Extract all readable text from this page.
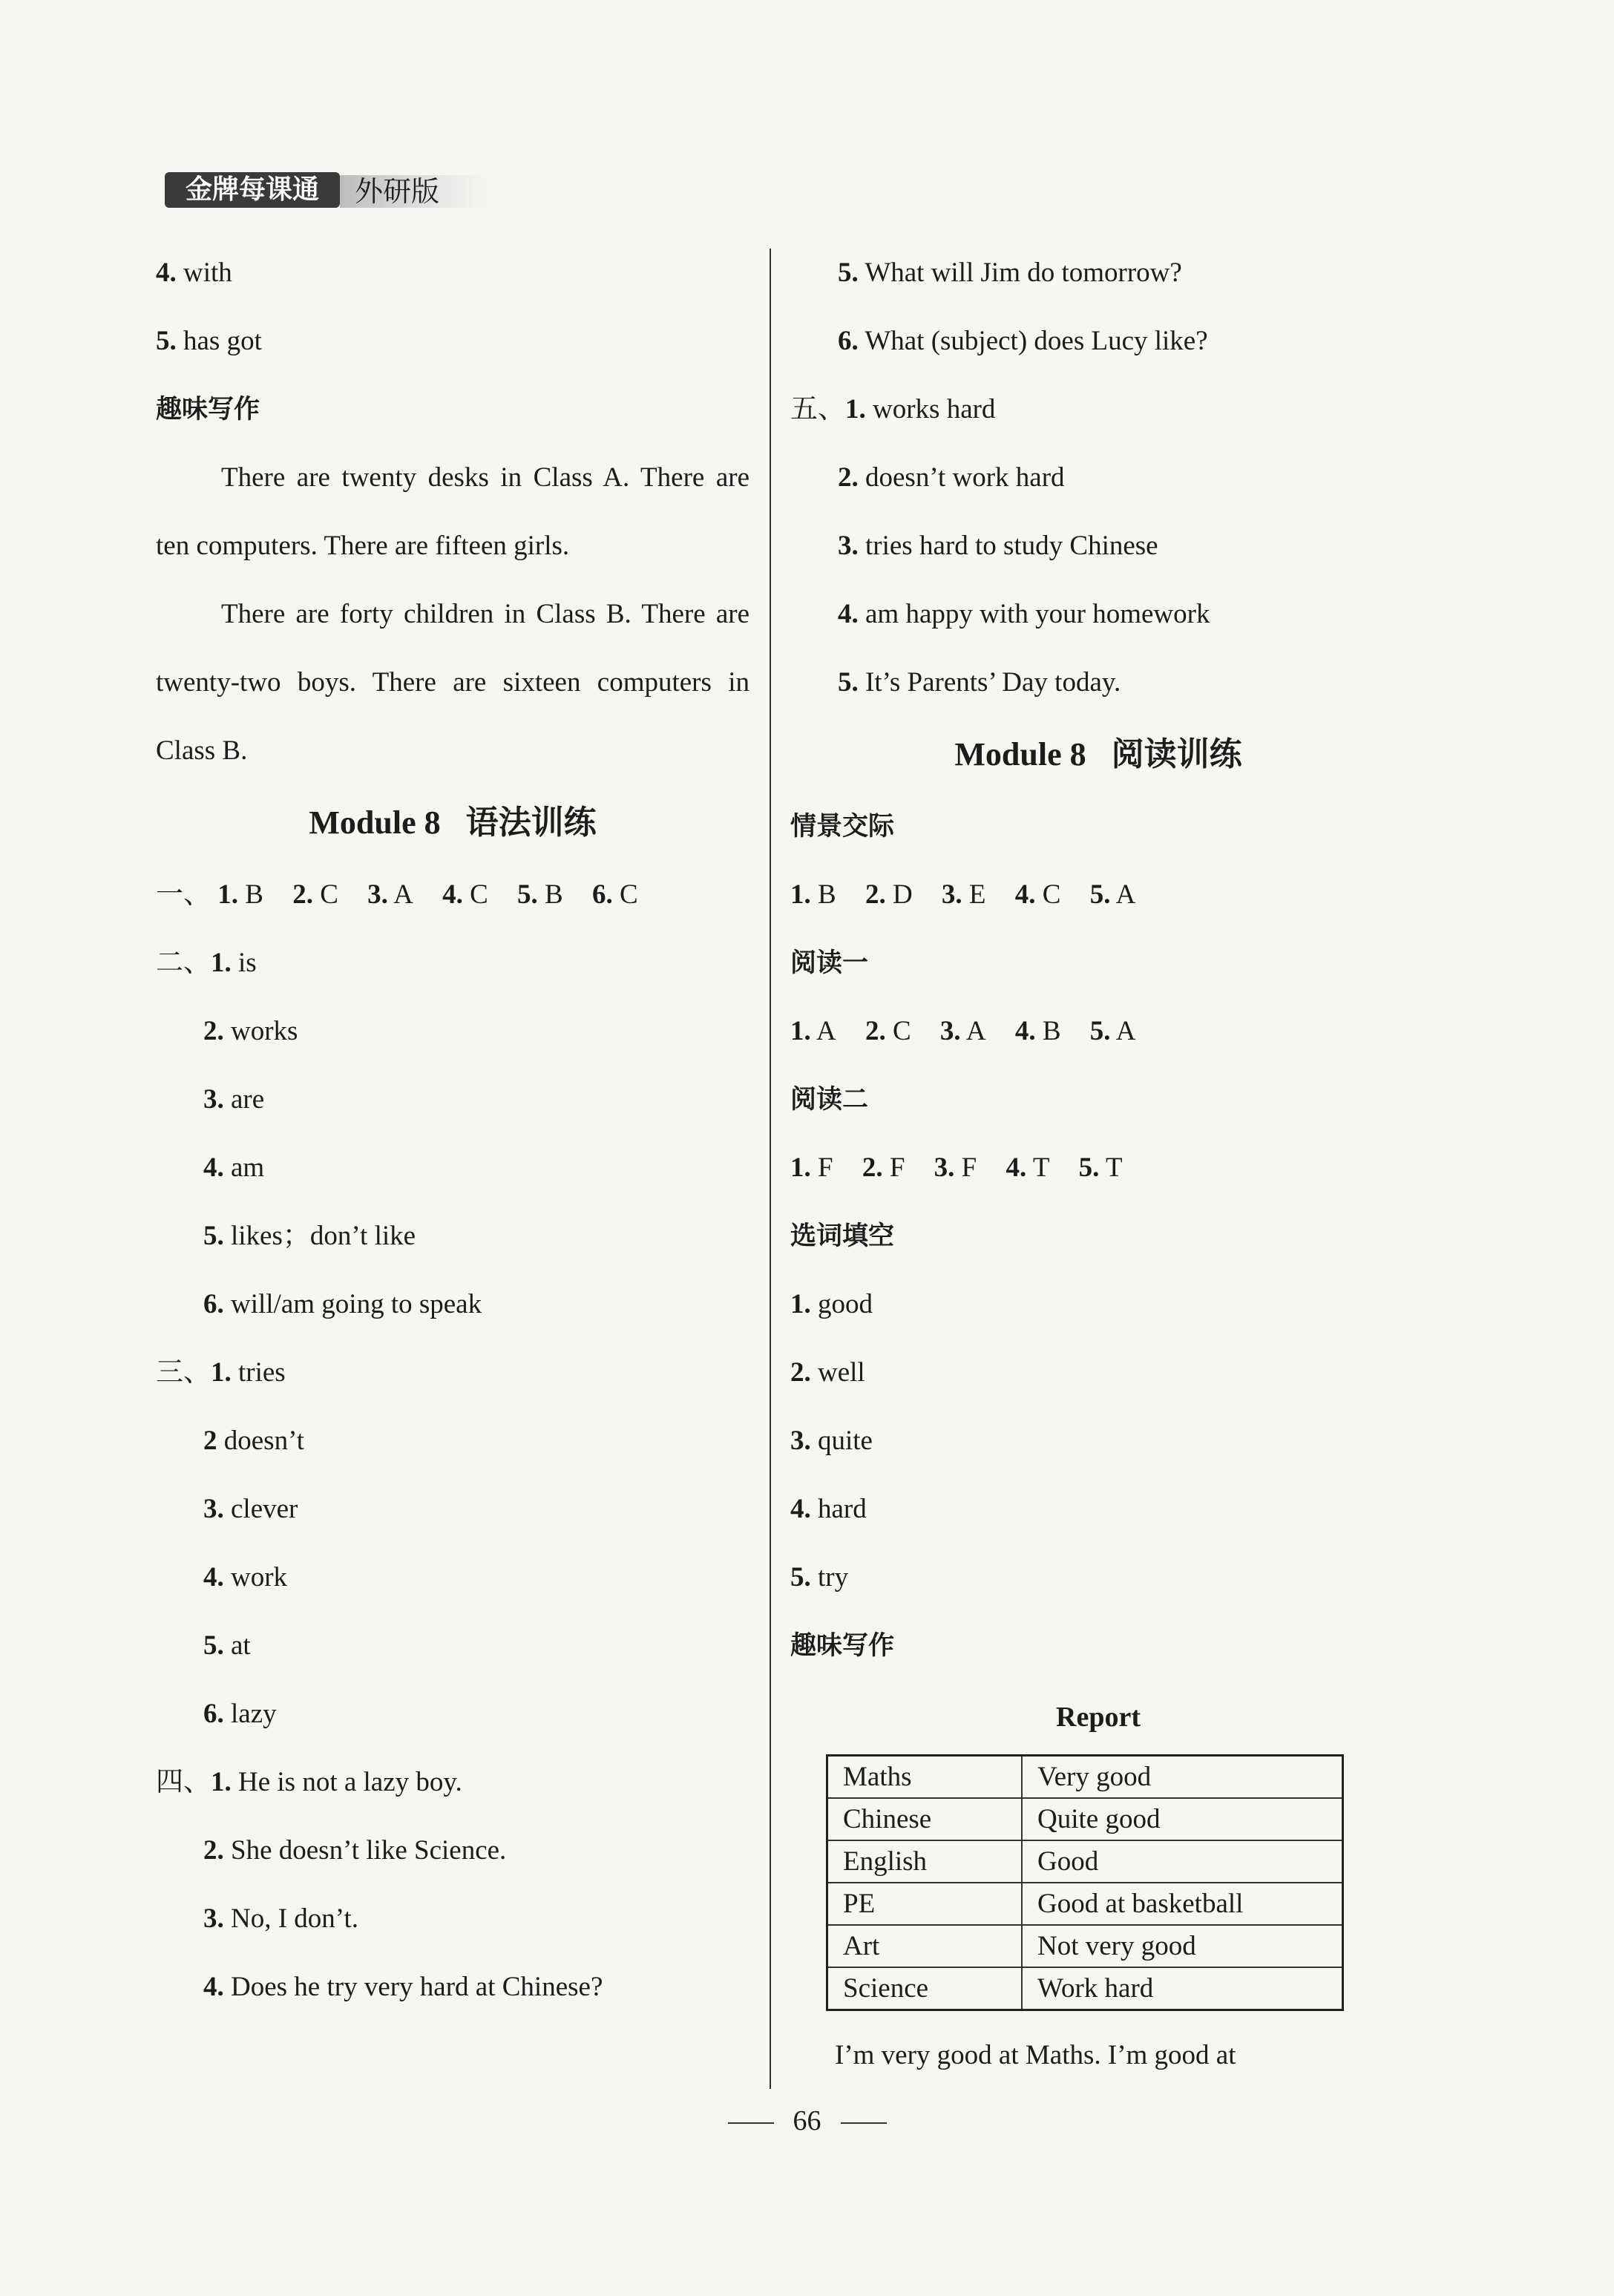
金牌每课通	外研版
4. with
5. has got
趣味写作

There are twenty desks in Class A. There are ten computers. There are fifteen girls.

There are forty children in Class B. There are twenty-two boys. There are sixteen computers in Class B.

Module 8 语法训练
一、 1. B 2. C 3. A 4. C 5. B 6. C
二、1. is
2. works
3. are
4. am
5. likes；don’t like
6. will/am going to speak
三、1. tries
2 doesn’t
3. clever
4. work
5. at
6. lazy
四、1. He is not a lazy boy.
2. She doesn’t like Science.
3. No, I don’t.
4. Does he try very hard at Chinese?
5. What will Jim do tomorrow?
6. What (subject) does Lucy like?
五、1. works hard
2. doesn’t work hard
3. tries hard to study Chinese
4. am happy with your homework
5. It’s Parents’ Day today.
Module 8 阅读训练
情景交际
1. B 2. D 3. E 4. C 5. A
阅读一
1. A 2. C 3. A 4. B 5. A
阅读二
1. F 2. F 3. F 4. T 5. T
选词填空
1. good
2. well
3. quite
4. hard
5. try
趣味写作
Report
Maths	Very good
Chinese	Quite good
English	Good
PE	Good at basketball
Art	Not very good
Science	Work hard
I’m very good at Maths. I’m good at
66
